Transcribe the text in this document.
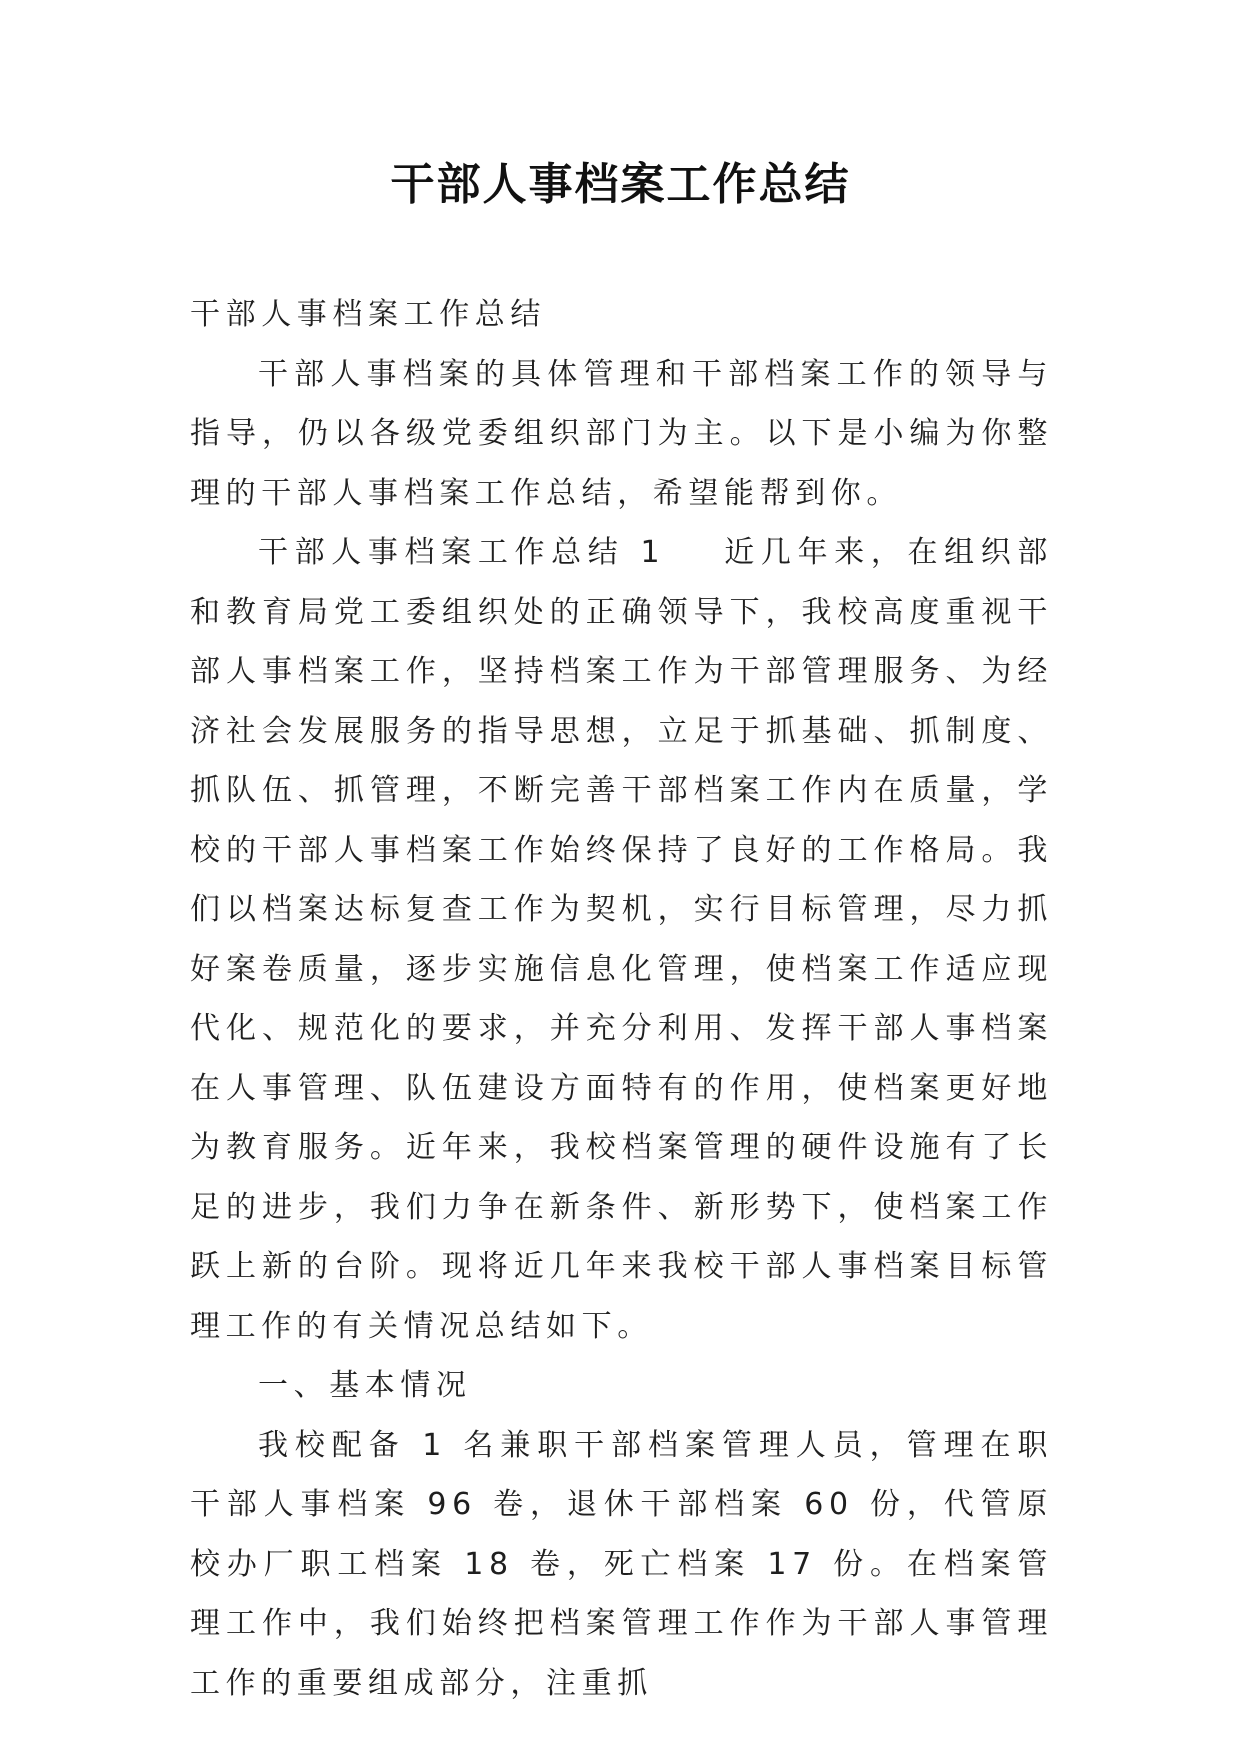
干部人事档案工作总结

干部人事档案工作总结

干部人事档案的具体管理和干部档案工作的领导与指导，仍以各级党委组织部门为主。以下是小编为你整理的干部人事档案工作总结，希望能帮到你。

干部人事档案工作总结 1 近几年来，在组织部和教育局党工委组织处的正确领导下，我校高度重视干部人事档案工作，坚持档案工作为干部管理服务、为经济社会发展服务的指导思想，立足于抓基础、抓制度、抓队伍、抓管理，不断完善干部档案工作内在质量，学校的干部人事档案工作始终保持了良好的工作格局。我们以档案达标复查工作为契机，实行目标管理，尽力抓好案卷质量，逐步实施信息化管理，使档案工作适应现代化、规范化的要求，并充分利用、发挥干部人事档案在人事管理、队伍建设方面特有的作用，使档案更好地为教育服务。近年来，我校档案管理的硬件设施有了长足的进步，我们力争在新条件、新形势下，使档案工作跃上新的台阶。现将近几年来我校干部人事档案目标管理工作的有关情况总结如下。

一、基本情况

我校配备 1 名兼职干部档案管理人员，管理在职干部人事档案 96 卷，退休干部档案 60 份，代管原校办厂职工档案 18 卷，死亡档案 17 份。在档案管理工作中，我们始终把档案管理工作作为干部人事管理工作的重要组成部分，注重抓
